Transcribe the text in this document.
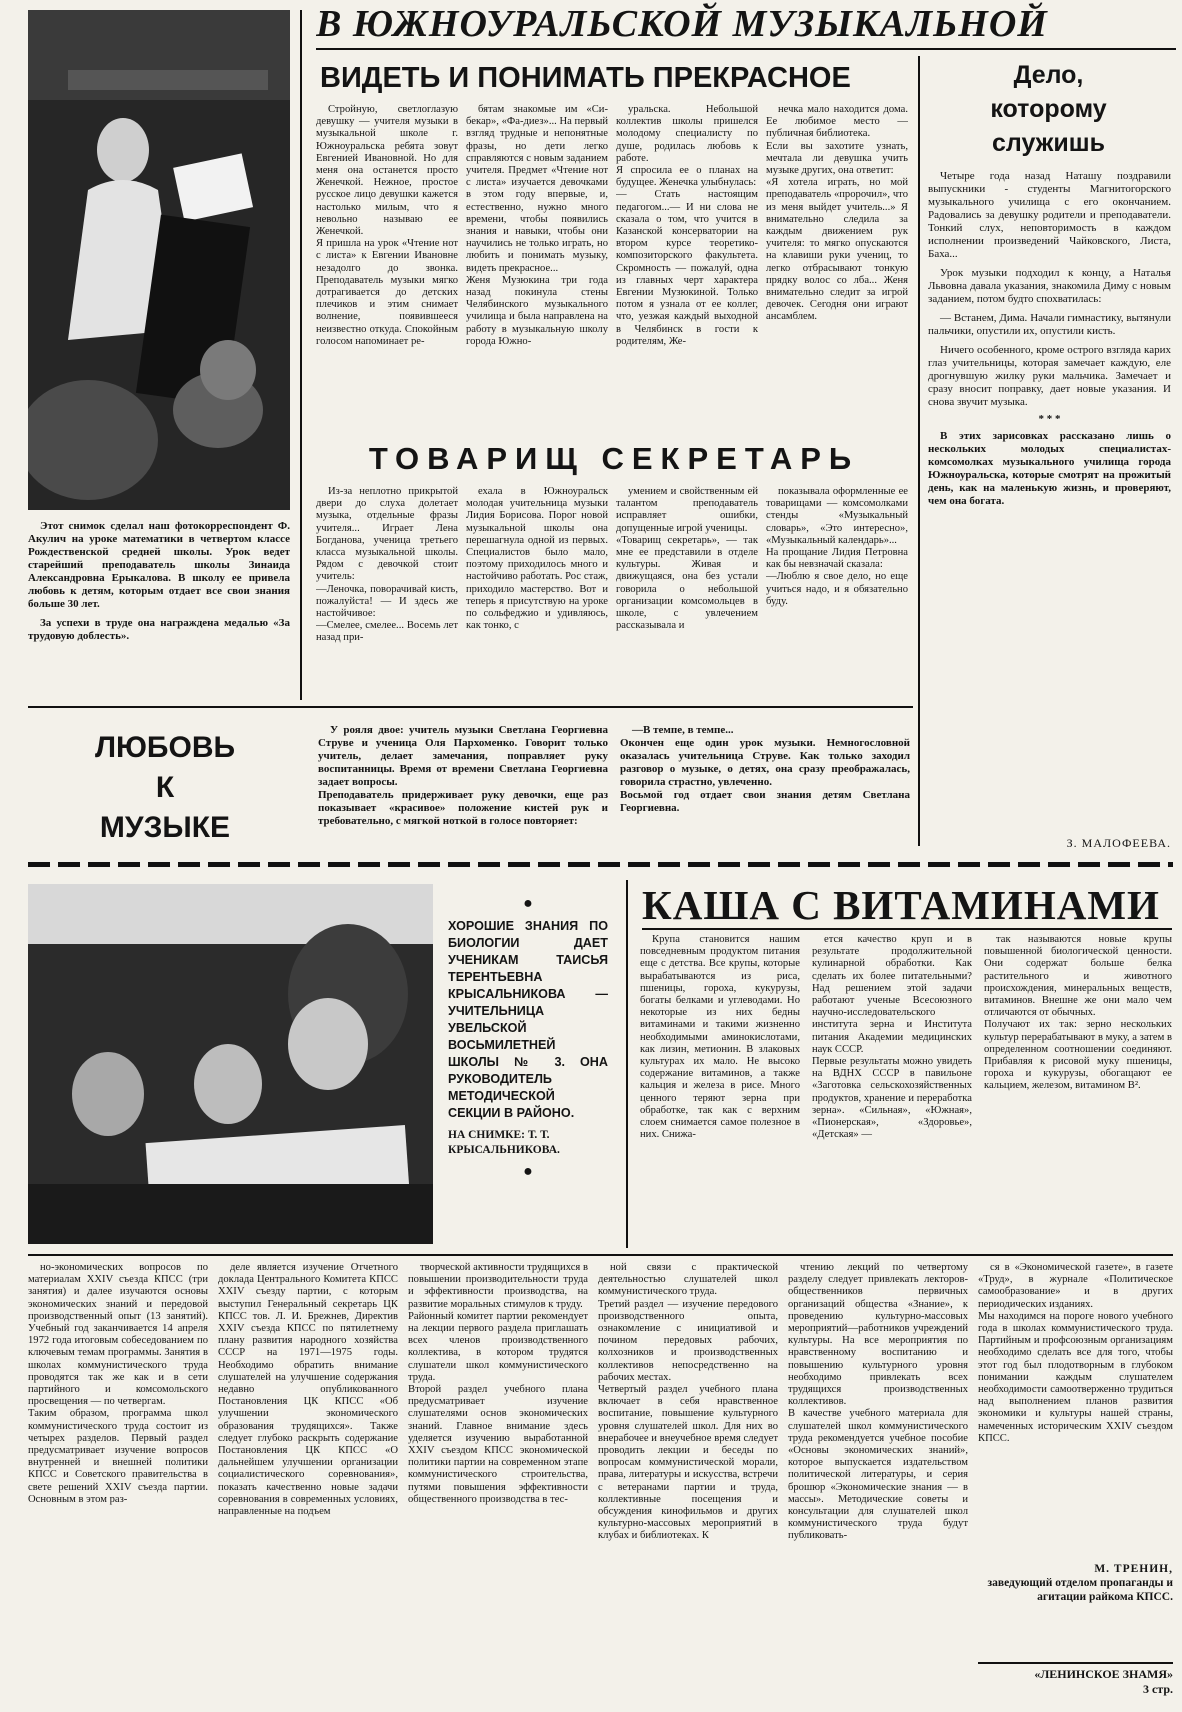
В ЮЖНОУРАЛЬСКОЙ МУЗЫКАЛЬНОЙ

Этот снимок сделал наш фотокорреспондент Ф. Акулич на уроке математики в четвертом классе Рождественской средней школы. Урок ведет старейший преподаватель школы Зинаида Александровна Ерыкалова. В школу ее привела любовь к детям, которым отдает все свои знания больше 30 лет.

За успехи в труде она награждена медалью «За трудовую доблесть».

ВИДЕТЬ И ПОНИМАТЬ ПРЕКРАСНОЕ

Стройную, светлоглазую девушку — учителя музыки в музыкальной школе г. Южноуральска ребята зовут Евгенией Ивановной. Но для меня она останется просто Женечкой. Нежное, простое русское лицо девушки кажется настолько милым, что я невольно называю ее Женечкой.
Я пришла на урок «Чтение нот с листа» к Евгении Ивановне незадолго до звонка. Преподаватель музыки мягко дотрагивается до детских плечиков и этим снимает волнение, появившееся неизвестно откуда. Спокойным голосом напоминает ре-

бятам знакомые им «Си-бекар», «Фа-диез»... На первый взгляд трудные и непонятные фразы, но дети легко справляются с новым заданием учителя. Предмет «Чтение нот с листа» изучается девочками в этом году впервые, и, естественно, нужно много времени, чтобы появились знания и навыки, чтобы они научились не только играть, но любить и понимать музыку, видеть прекрасное...
Женя Музюкина три года назад покинула стены Челябинского музыкального училища и была направлена на работу в музыкальную школу города Южно-

уральска. Небольшой коллектив школы пришелся молодому специалисту по душе, родилась любовь к работе.
Я спросила ее о планах на будущее. Женечка улыбнулась:
— Стать настоящим педагогом...— И ни слова не сказала о том, что учится в Казанской консерватории на втором курсе теоретико-композиторского факультета. Скромность — пожалуй, одна из главных черт характера Евгении Музюкиной. Только потом я узнала от ее коллег, что, уезжая каждый выходной в Челябинск в гости к родителям, Же-

нечка мало находится дома. Ее любимое место — публичная библиотека.
Если вы захотите узнать, мечтала ли девушка учить музыке других, она ответит:
«Я хотела играть, но мой преподаватель «пророчил», что из меня выйдет учитель...» Я внимательно следила за каждым движением рук учителя: то мягко опускаются на клавиши руки учениц, то легко отбрасывают тонкую прядку волос со лба... Женя внимательно следит за игрой девочек. Сегодня они играют ансамблем.

Дело,
которому
служишь

Четыре года назад Наташу поздравили выпускники - студенты Магнитогорского музыкального училища с его окончанием. Радовались за девушку родители и преподаватели. Тонкий слух, неповторимость в каждом исполнении произведений Чайковского, Листа, Баха...

Урок музыки подходил к концу, а Наталья Львовна давала указания, знакомила Диму с новым заданием, потом будто спохватилась:

— Встанем, Дима. Начали гимнастику, вытянули пальчики, опустили их, опустили кисть.

Ничего особенного, кроме острого взгляда карих глаз учительницы, которая замечает каждую, еле дрогнувшую жилку руки мальчика. Замечает и сразу вносит поправку, дает новые указания. И снова звучит музыка.

* * *

В этих зарисовках рассказано лишь о нескольких молодых специалистах-комсомолках музыкального училища города Южноуральска, которые смотрят на прожитый день, как на маленькую жизнь, и проверяют, чем она богата.

З. МАЛОФЕЕВА.
ТОВАРИЩ СЕКРЕТАРЬ

Из-за неплотно прикрытой двери до слуха долетает музыка, отдельные фразы учителя... Играет Лена Богданова, ученица третьего класса музыкальной школы. Рядом с девочкой стоит учитель:
—Леночка, поворачивай кисть, пожалуйста! — И здесь же настойчивое:
—Смелее, смелее... Восемь лет назад при-

ехала в Южноуральск молодая учительница музыки Лидия Борисова. Порог новой музыкальной школы она перешагнула одной из первых. Специалистов было мало, поэтому приходилось много и настойчиво работать. Рос стаж, приходило мастерство. Вот и теперь я присутствую на уроке по сольфеджио и удивляюсь, как тонко, с

умением и свойственным ей талантом преподаватель исправляет ошибки, допущенные игрой ученицы.
«Товарищ секретарь», — так мне ее представили в отделе культуры. Живая и движущаяся, она без устали говорила о небольшой организации комсомольцев в школе, с увлечением рассказывала и

показывала оформленные ее товарищами — комсомолками стенды «Музыкальный словарь», «Это интересно», «Музыкальный календарь»...
На прощание Лидия Петровна как бы невзначай сказала:
—Люблю я свое дело, но еще учиться надо, и я обязательно буду.

ЛЮБОВЬ
К
МУЗЫКЕ

У рояля двое: учитель музыки Светлана Георгиевна Струве и ученица Оля Пархоменко. Говорит только учитель, делает замечания, поправляет руку воспитанницы. Время от времени Светлана Георгиевна задает вопросы.
Преподаватель придерживает руку девочки, еще раз показывает «красивое» положение кистей рук и требовательно, с мягкой ноткой в голосе повторяет:

—В темпе, в темпе...
Окончен еще один урок музыки. Немногословной оказалась учительница Струве. Как только заходил разговор о музыке, о детях, она сразу преображалась, говорила страстно, увлеченно.
Восьмой год отдает свои знания детям Светлана Георгиевна.

●
ХОРОШИЕ ЗНАНИЯ ПО БИОЛОГИИ ДАЕТ УЧЕНИКАМ ТАИСЬЯ ТЕРЕНТЬЕВНА КРЫСАЛЬНИКОВА — УЧИТЕЛЬНИЦА УВЕЛЬСКОЙ ВОСЬМИЛЕТНЕЙ ШКОЛЫ № 3. ОНА РУКОВОДИТЕЛЬ МЕТОДИЧЕСКОЙ СЕКЦИИ В РАЙОНО.
НА СНИМКЕ: Т. Т. КРЫСАЛЬНИКОВА.
●
КАША С ВИТАМИНАМИ

Крупа становится нашим повседневным продуктом питания еще с детства. Все крупы, которые вырабатываются из риса, пшеницы, гороха, кукурузы, богаты белками и углеводами. Но некоторые из них бедны витаминами и такими жизненно необходимыми аминокислотами, как лизин, метионин. В злаковых культурах их мало. Не высоко содержание витаминов, а также кальция и железа в рисе. Много ценного теряют зерна при обработке, так как с верхним слоем снимается самое полезное в них. Снижа-

ется качество круп и в результате продолжительной кулинарной обработки. Как сделать их более питательными? Над решением этой задачи работают ученые Всесоюзного научно-исследовательского института зерна и Института питания Академии медицинских наук СССР.
Первые результаты можно увидеть на ВДНХ СССР в павильоне «Заготовка сельскохозяйственных продуктов, хранение и переработка зерна». «Сильная», «Южная», «Пионерская», «Здоровье», «Детская» —

так называются новые крупы повышенной биологической ценности. Они содержат больше белка растительного и животного происхождения, минеральных веществ, витаминов. Внешне же они мало чем отличаются от обычных.
Получают их так: зерно нескольких культур перерабатывают в муку, а затем в определенном соотношении соединяют. Прибавляя к рисовой муку пшеницы, гороха и кукурузы, обогащают ее кальцием, железом, витамином В².

но-экономических вопросов по материалам XXIV съезда КПСС (три занятия) и далее изучаются основы экономических знаний и передовой производственный опыт (13 занятий). Учебный год заканчивается 14 апреля 1972 года итоговым собеседованием по ключевым темам программы. Занятия в школах коммунистического труда проводятся так же как и в сети партийного и комсомольского просвещения — по четвергам.
Таким образом, программа школ коммунистического труда состоит из четырех разделов. Первый раздел предусматривает изучение вопросов внутренней и внешней политики КПСС и Советского правительства в свете решений XXIV съезда партии. Основным в этом раз-

деле является изучение Отчетного доклада Центрального Комитета КПСС XXIV съезду партии, с которым выступил Генеральный секретарь ЦК КПСС тов. Л. И. Брежнев, Директив XXIV съезда КПСС по пятилетнему плану развития народного хозяйства СССР на 1971—1975 годы. Необходимо обратить внимание слушателей на улучшение содержания недавно опубликованного Постановления ЦК КПСС «Об улучшении экономического образования трудящихся». Также следует глубоко раскрыть содержание Постановления ЦК КПСС «О дальнейшем улучшении организации социалистического соревнования», показать качественно новые задачи соревнования в современных условиях, направленные на подъем

творческой активности трудящихся в повышении производительности труда и эффективности производства, на развитие моральных стимулов к труду.
Районный комитет партии рекомендует на лекции первого раздела приглашать всех членов производственного коллектива, в котором трудятся слушатели школ коммунистического труда.
Второй раздел учебного плана предусматривает изучение слушателями основ экономических знаний. Главное внимание здесь уделяется изучению выработанной XXIV съездом КПСС экономической политики партии на современном этапе коммунистического строительства, путями повышения эффективности общественного производства в тес-

ной связи с практической деятельностью слушателей школ коммунистического труда.
Третий раздел — изучение передового производственного опыта, ознакомление с инициативой и почином передовых рабочих, колхозников и производственных коллективов непосредственно на рабочих местах.
Четвертый раздел учебного плана включает в себя нравственное воспитание, повышение культурного уровня слушателей школ. Для них во внерабочее и внеучебное время следует проводить лекции и беседы по вопросам коммунистической морали, права, литературы и искусства, встречи с ветеранами партии и труда, коллективные посещения и обсуждения кинофильмов и других культурно-массовых мероприятий в клубах и библиотеках. К

чтению лекций по четвертому разделу следует привлекать лекторов-общественников первичных организаций общества «Знание», к проведению культурно-массовых мероприятий—работников учреждений культуры. На все мероприятия по нравственному воспитанию и повышению культурного уровня необходимо привлекать всех трудящихся производственных коллективов.
В качестве учебного материала для слушателей школ коммунистического труда рекомендуется учебное пособие «Основы экономических знаний», которое выпускается издательством политической литературы, и серия брошюр «Экономические знания — в массы». Методические советы и консультации для слушателей школ коммунистического труда будут публиковать-

ся в «Экономической газете», в газете «Труд», в журнале «Политическое самообразование» и в других периодических изданиях.
Мы находимся на пороге нового учебного года в школах коммунистического труда. Партийным и профсоюзным организациям необходимо сделать все для того, чтобы этот год был плодотворным в глубоком понимании каждым слушателем необходимости самоотверженно трудиться над выполнением планов развития экономики и культуры нашей страны, намеченных историческим XXIV съездом КПСС.

М. ТРЕНИН,
заведующий отделом пропаганды и агитации райкома КПСС.
«ЛЕНИНСКОЕ ЗНАМЯ»
3 стр.
